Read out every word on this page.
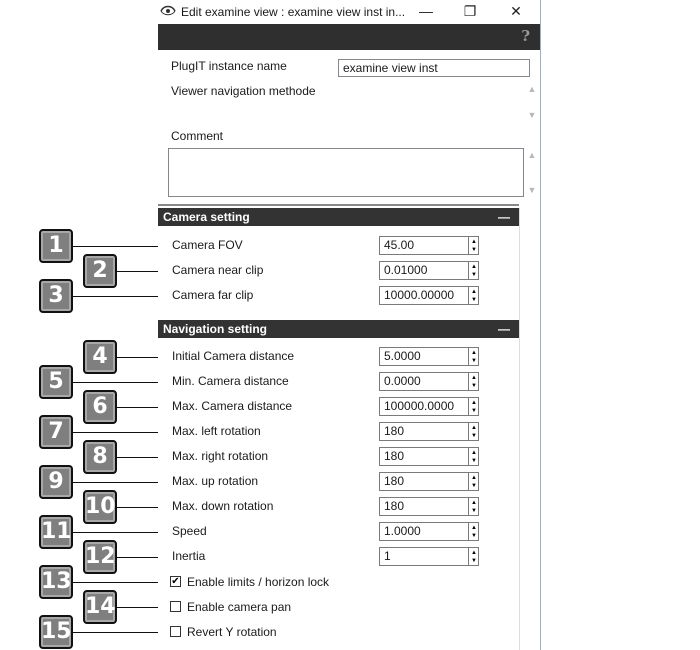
1
2
3
4
5
6
7
8
9
10
11
12
13
14
15
Edit examine view : examine view inst in... —	❐	✕
?
PlugIT instance name	examine view inst
Viewer navigation methode	▲
▼
Comment
▲
▼
Camera setting	—
Camera FOV	45.00	▲
▼
Camera near clip	0.01000	▲
▼
Camera far clip	10000.00000	▲
▼
Navigation setting	—
Initial Camera distance	5.0000	▲
▼
Min. Camera distance	0.0000	▲
▼
Max. Camera distance	100000.0000	▲
▼
Max. left rotation	180	▲
▼
Max. right rotation	180	▲
▼
Max. up rotation	180	▲
▼
Max. down rotation	180	▲
▼
Speed	1.0000	▲
▼
Inertia	1	▲
▼
✔ Enable limits / horizon lock
Enable camera pan
Revert Y rotation
